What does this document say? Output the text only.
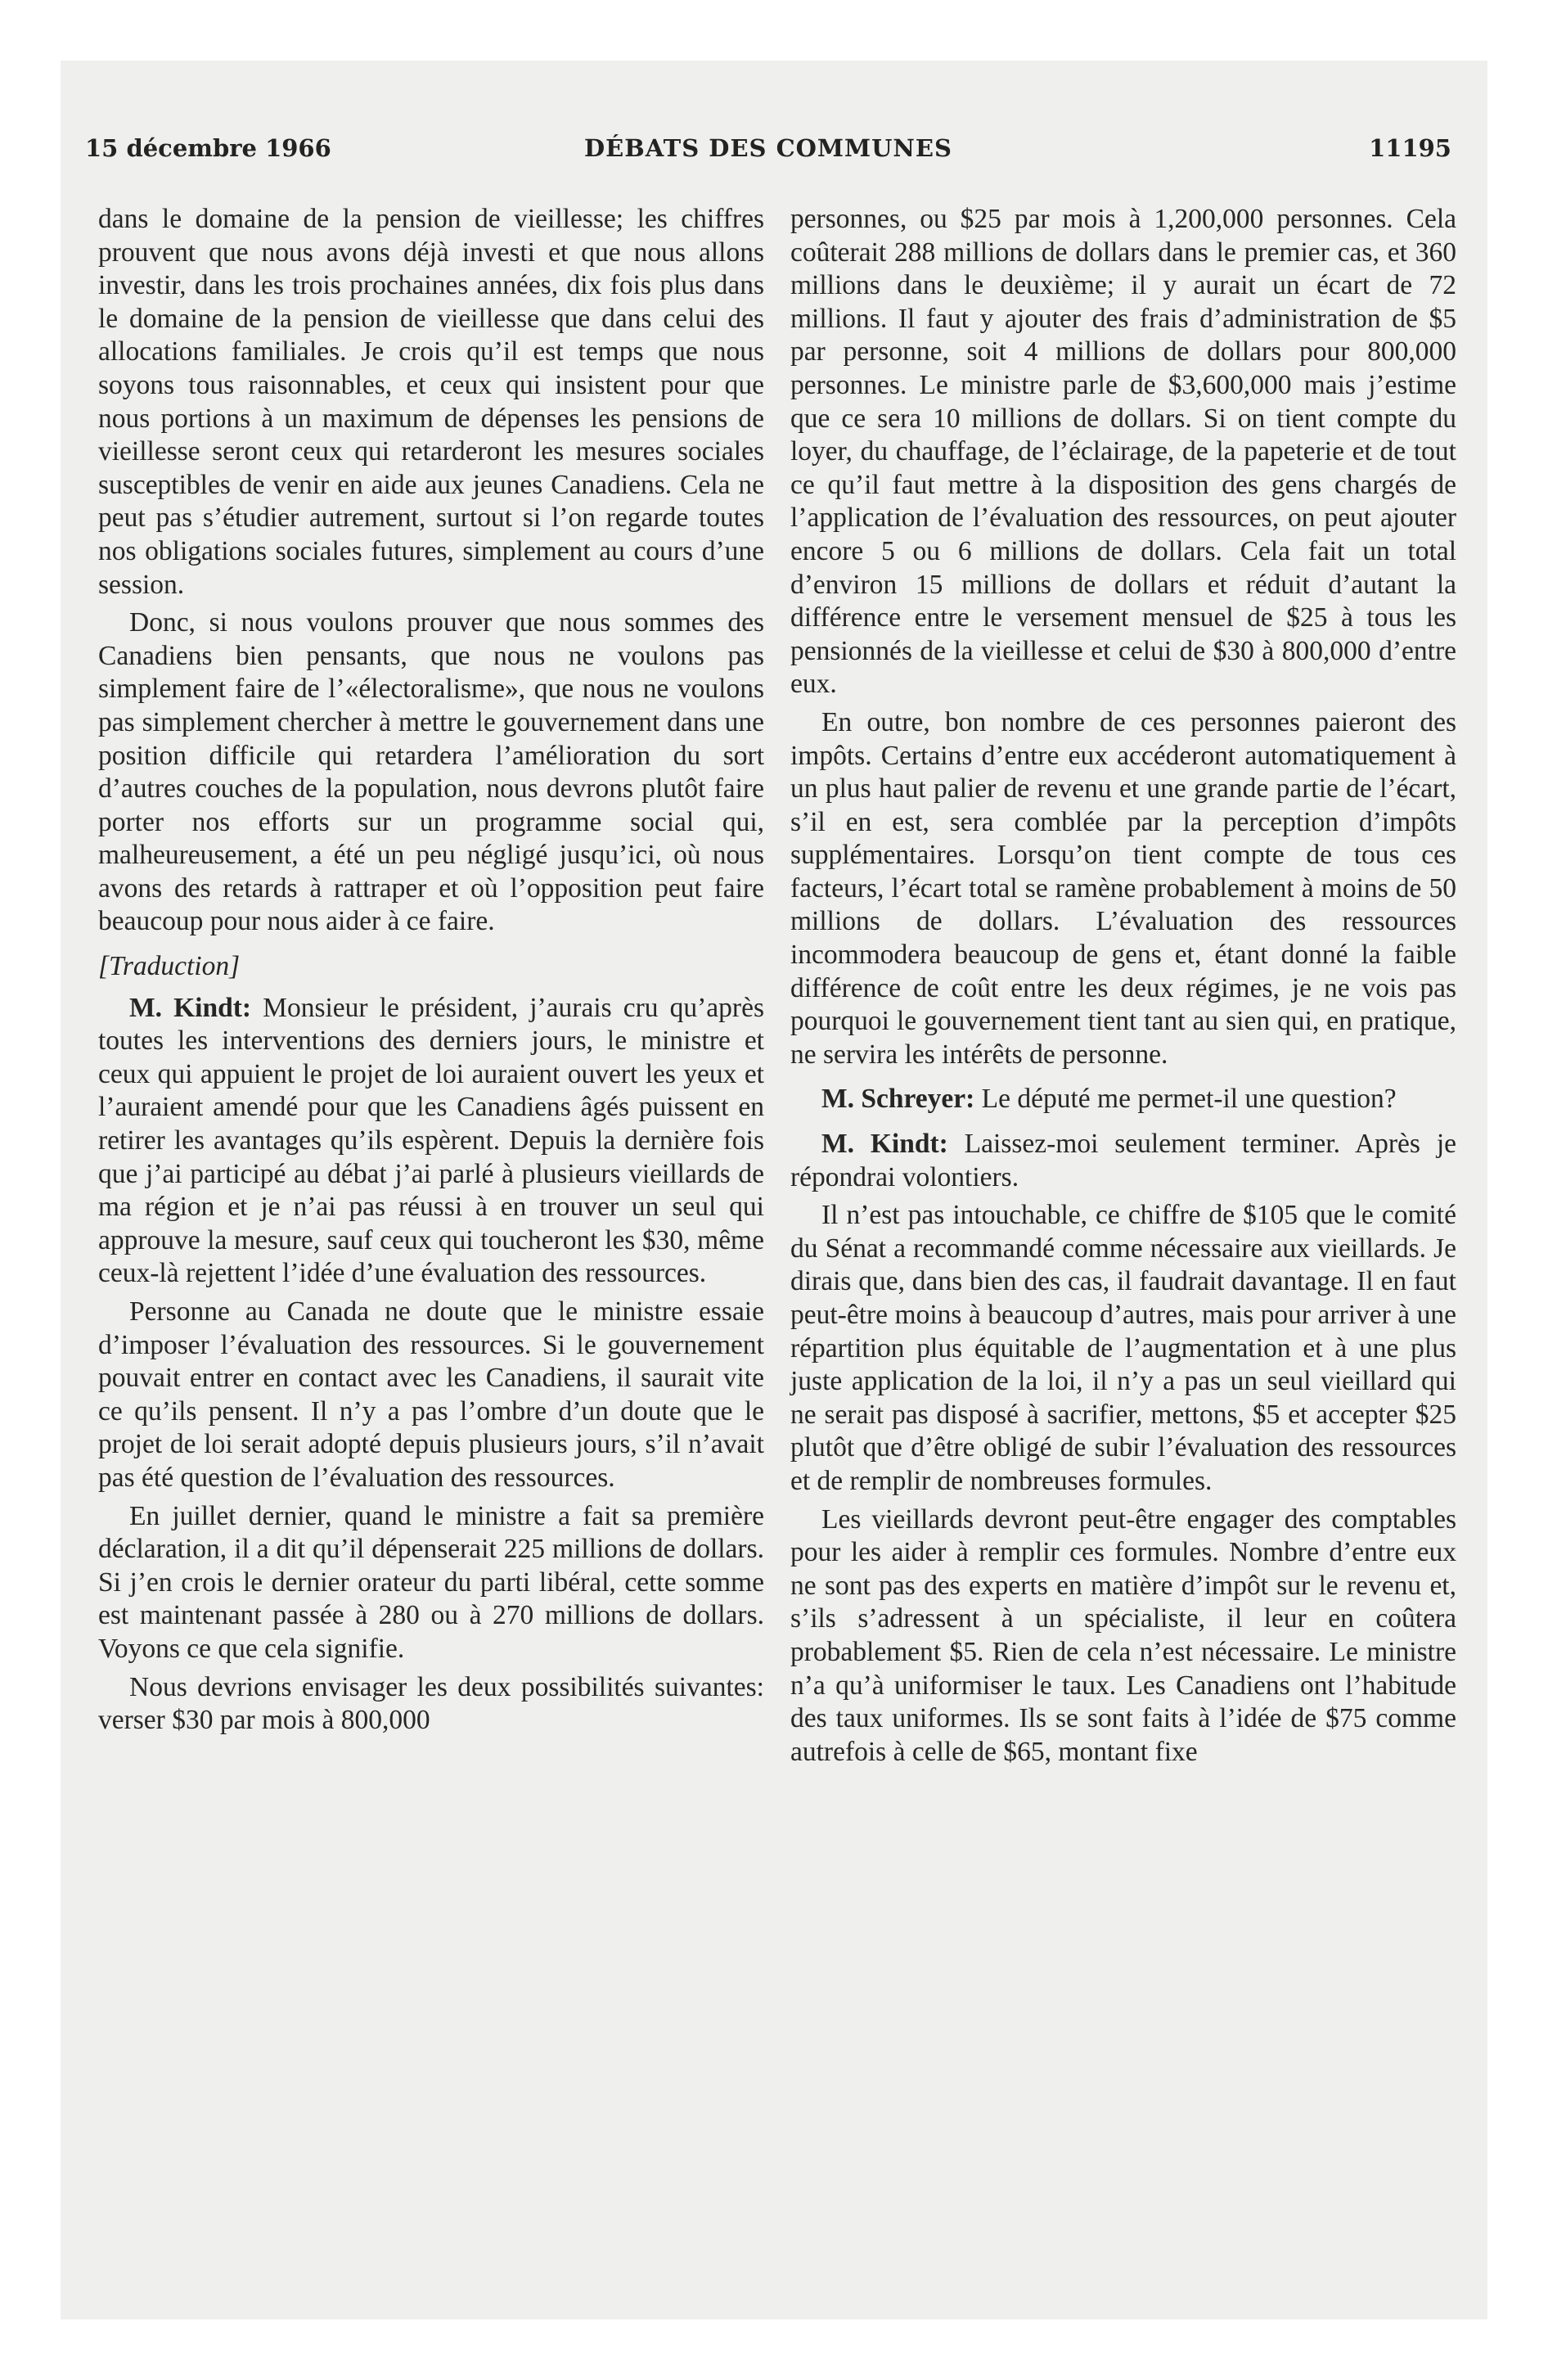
15 décembre 1966	DÉBATS DES COMMUNES	11195

dans le domaine de la pension de vieillesse; les chiffres prouvent que nous avons déjà investi et que nous allons investir, dans les trois prochaines années, dix fois plus dans le domaine de la pension de vieillesse que dans celui des allocations familiales. Je crois qu’il est temps que nous soyons tous raisonnables, et ceux qui insistent pour que nous portions à un maximum de dépenses les pensions de vieillesse seront ceux qui retarderont les mesures sociales susceptibles de venir en aide aux jeunes Canadiens. Cela ne peut pas s’étudier autrement, surtout si l’on regarde toutes nos obligations sociales futures, simplement au cours d’une session.

Donc, si nous voulons prouver que nous sommes des Canadiens bien pensants, que nous ne voulons pas simplement faire de l’«électoralisme», que nous ne voulons pas simplement chercher à mettre le gouvernement dans une position difficile qui retardera l’amélioration du sort d’autres couches de la population, nous devrons plutôt faire porter nos efforts sur un programme social qui, malheureusement, a été un peu négligé jusqu’ici, où nous avons des retards à rattraper et où l’opposition peut faire beaucoup pour nous aider à ce faire.

[Traduction]

M. Kindt: Monsieur le président, j’aurais cru qu’après toutes les interventions des derniers jours, le ministre et ceux qui appuient le projet de loi auraient ouvert les yeux et l’auraient amendé pour que les Canadiens âgés puissent en retirer les avantages qu’ils espèrent. Depuis la dernière fois que j’ai participé au débat j’ai parlé à plusieurs vieillards de ma région et je n’ai pas réussi à en trouver un seul qui approuve la mesure, sauf ceux qui toucheront les $30, même ceux-là rejettent l’idée d’une évaluation des ressources.

Personne au Canada ne doute que le ministre essaie d’imposer l’évaluation des ressources. Si le gouvernement pouvait entrer en contact avec les Canadiens, il saurait vite ce qu’ils pensent. Il n’y a pas l’ombre d’un doute que le projet de loi serait adopté depuis plusieurs jours, s’il n’avait pas été question de l’évaluation des ressources.

En juillet dernier, quand le ministre a fait sa première déclaration, il a dit qu’il dépenserait 225 millions de dollars. Si j’en crois le dernier orateur du parti libéral, cette somme est maintenant passée à 280 ou à 270 millions de dollars. Voyons ce que cela signifie.

Nous devrions envisager les deux possibilités suivantes: verser $30 par mois à 800,000

personnes, ou $25 par mois à 1,200,000 personnes. Cela coûterait 288 millions de dollars dans le premier cas, et 360 millions dans le deuxième; il y aurait un écart de 72 millions. Il faut y ajouter des frais d’administration de $5 par personne, soit 4 millions de dollars pour 800,000 personnes. Le ministre parle de $3,600,000 mais j’estime que ce sera 10 millions de dollars. Si on tient compte du loyer, du chauffage, de l’éclairage, de la papeterie et de tout ce qu’il faut mettre à la disposition des gens chargés de l’application de l’évaluation des ressources, on peut ajouter encore 5 ou 6 millions de dollars. Cela fait un total d’environ 15 millions de dollars et réduit d’autant la différence entre le versement mensuel de $25 à tous les pensionnés de la vieillesse et celui de $30 à 800,000 d’entre eux.

En outre, bon nombre de ces personnes paieront des impôts. Certains d’entre eux accéderont automatiquement à un plus haut palier de revenu et une grande partie de l’écart, s’il en est, sera comblée par la perception d’impôts supplémentaires. Lorsqu’on tient compte de tous ces facteurs, l’écart total se ramène probablement à moins de 50 millions de dollars. L’évaluation des ressources incommodera beaucoup de gens et, étant donné la faible différence de coût entre les deux régimes, je ne vois pas pourquoi le gouvernement tient tant au sien qui, en pratique, ne servira les intérêts de personne.

M. Schreyer: Le député me permet-il une question?

M. Kindt: Laissez-moi seulement terminer. Après je répondrai volontiers.

Il n’est pas intouchable, ce chiffre de $105 que le comité du Sénat a recommandé comme nécessaire aux vieillards. Je dirais que, dans bien des cas, il faudrait davantage. Il en faut peut-être moins à beaucoup d’autres, mais pour arriver à une répartition plus équitable de l’augmentation et à une plus juste application de la loi, il n’y a pas un seul vieillard qui ne serait pas disposé à sacrifier, mettons, $5 et accepter $25 plutôt que d’être obligé de subir l’évaluation des ressources et de remplir de nombreuses formules.

Les vieillards devront peut-être engager des comptables pour les aider à remplir ces formules. Nombre d’entre eux ne sont pas des experts en matière d’impôt sur le revenu et, s’ils s’adressent à un spécialiste, il leur en coûtera probablement $5. Rien de cela n’est nécessaire. Le ministre n’a qu’à uniformiser le taux. Les Canadiens ont l’habitude des taux uniformes. Ils se sont faits à l’idée de $75 comme autrefois à celle de $65, montant fixe
